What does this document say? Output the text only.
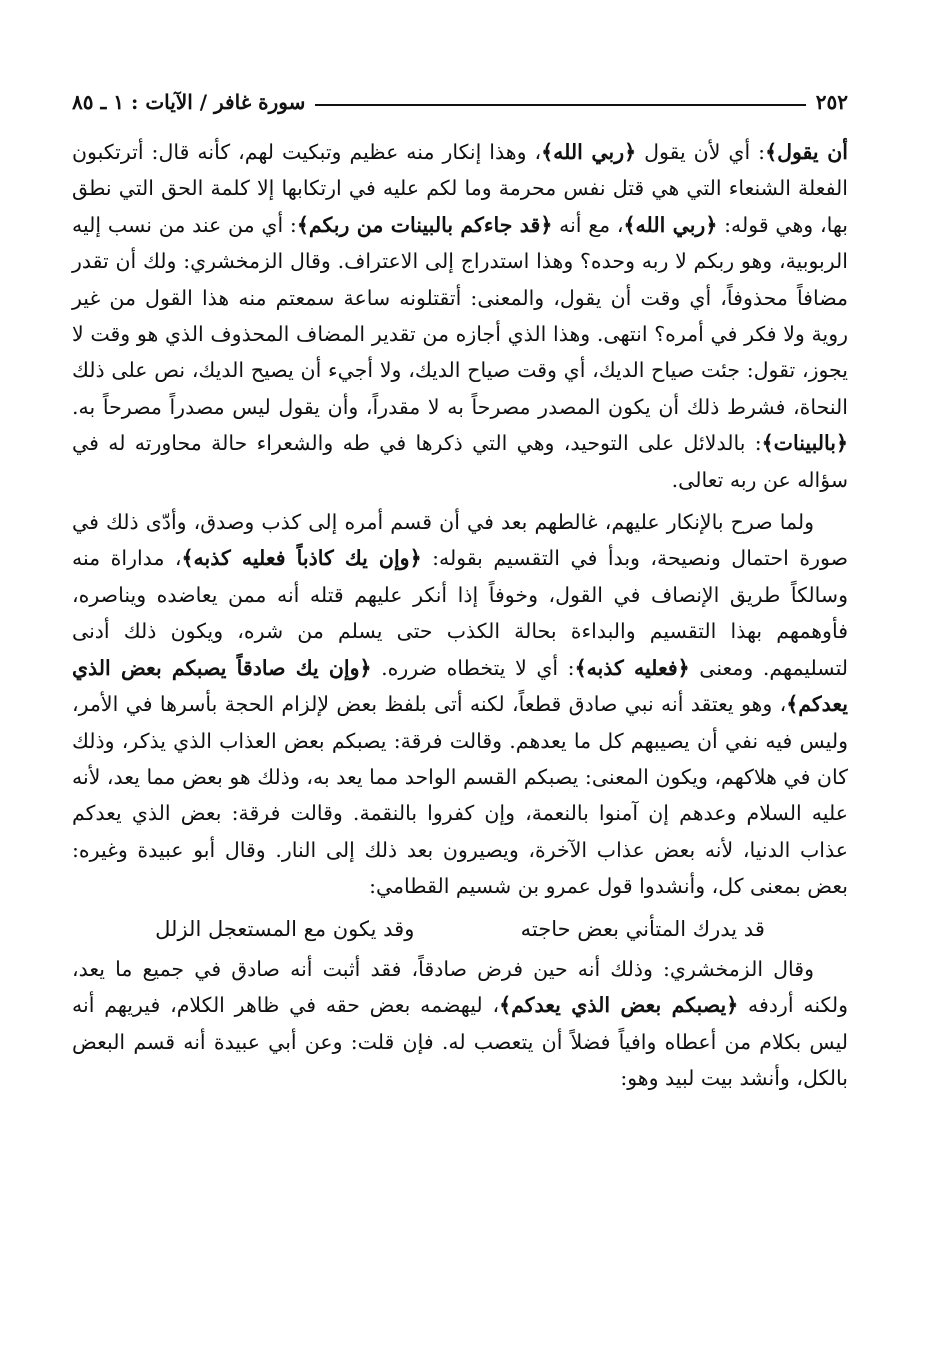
٢٥٢
سورة غافر / الآيات : ١ ـ ٨٥

أن يقول﴾: أي لأن يقول ﴿ربي الله﴾، وهذا إنكار منه عظيم وتبكيت لهم، كأنه قال: أترتكبون الفعلة الشنعاء التي هي قتل نفس محرمة وما لكم عليه في ارتكابها إلا كلمة الحق التي نطق بها، وهي قوله: ﴿ربي الله﴾، مع أنه ﴿قد جاءكم بالبينات من ربكم﴾: أي من عند من نسب إليه الربوبية، وهو ربكم لا ربه وحده؟ وهذا استدراج إلى الاعتراف. وقال الزمخشري: ولك أن تقدر مضافاً محذوفاً، أي وقت أن يقول، والمعنى: أتقتلونه ساعة سمعتم منه هذا القول من غير روية ولا فكر في أمره؟ انتهى. وهذا الذي أجازه من تقدير المضاف المحذوف الذي هو وقت لا يجوز، تقول: جئت صياح الديك، أي وقت صياح الديك، ولا أجيء أن يصيح الديك، نص على ذلك النحاة، فشرط ذلك أن يكون المصدر مصرحاً به لا مقدراً، وأن يقول ليس مصدراً مصرحاً به. ﴿بالبينات﴾: بالدلائل على التوحيد، وهي التي ذكرها في طه والشعراء حالة محاورته له في سؤاله عن ربه تعالى.

ولما صرح بالإنكار عليهم، غالطهم بعد في أن قسم أمره إلى كذب وصدق، وأدّى ذلك في صورة احتمال ونصيحة، وبدأ في التقسيم بقوله: ﴿وإن يك كاذباً فعليه كذبه﴾، مداراة منه وسالكاً طريق الإنصاف في القول، وخوفاً إذا أنكر عليهم قتله أنه ممن يعاضده ويناصره، فأوهمهم بهذا التقسيم والبداءة بحالة الكذب حتى يسلم من شره، ويكون ذلك أدنى لتسليمهم. ومعنى ﴿فعليه كذبه﴾: أي لا يتخطاه ضرره. ﴿وإن يك صادقاً يصبكم بعض الذي يعدكم﴾، وهو يعتقد أنه نبي صادق قطعاً، لكنه أتى بلفظ بعض لإلزام الحجة بأسرها في الأمر، وليس فيه نفي أن يصيبهم كل ما يعدهم. وقالت فرقة: يصبكم بعض العذاب الذي يذكر، وذلك كان في هلاكهم، ويكون المعنى: يصبكم القسم الواحد مما يعد به، وذلك هو بعض مما يعد، لأنه عليه السلام وعدهم إن آمنوا بالنعمة، وإن كفروا بالنقمة. وقالت فرقة: بعض الذي يعدكم عذاب الدنيا، لأنه بعض عذاب الآخرة، ويصيرون بعد ذلك إلى النار. وقال أبو عبيدة وغيره: بعض بمعنى كل، وأنشدوا قول عمرو بن شسيم القطامي:

قد يدرك المتأني بعض حاجته
وقد يكون مع المستعجل الزلل

وقال الزمخشري: وذلك أنه حين فرض صادقاً، فقد أثبت أنه صادق في جميع ما يعد، ولكنه أردفه ﴿يصبكم بعض الذي يعدكم﴾، ليهضمه بعض حقه في ظاهر الكلام، فيريهم أنه ليس بكلام من أعطاه وافياً فضلاً أن يتعصب له. فإن قلت: وعن أبي عبيدة أنه قسم البعض بالكل، وأنشد بيت لبيد وهو:
